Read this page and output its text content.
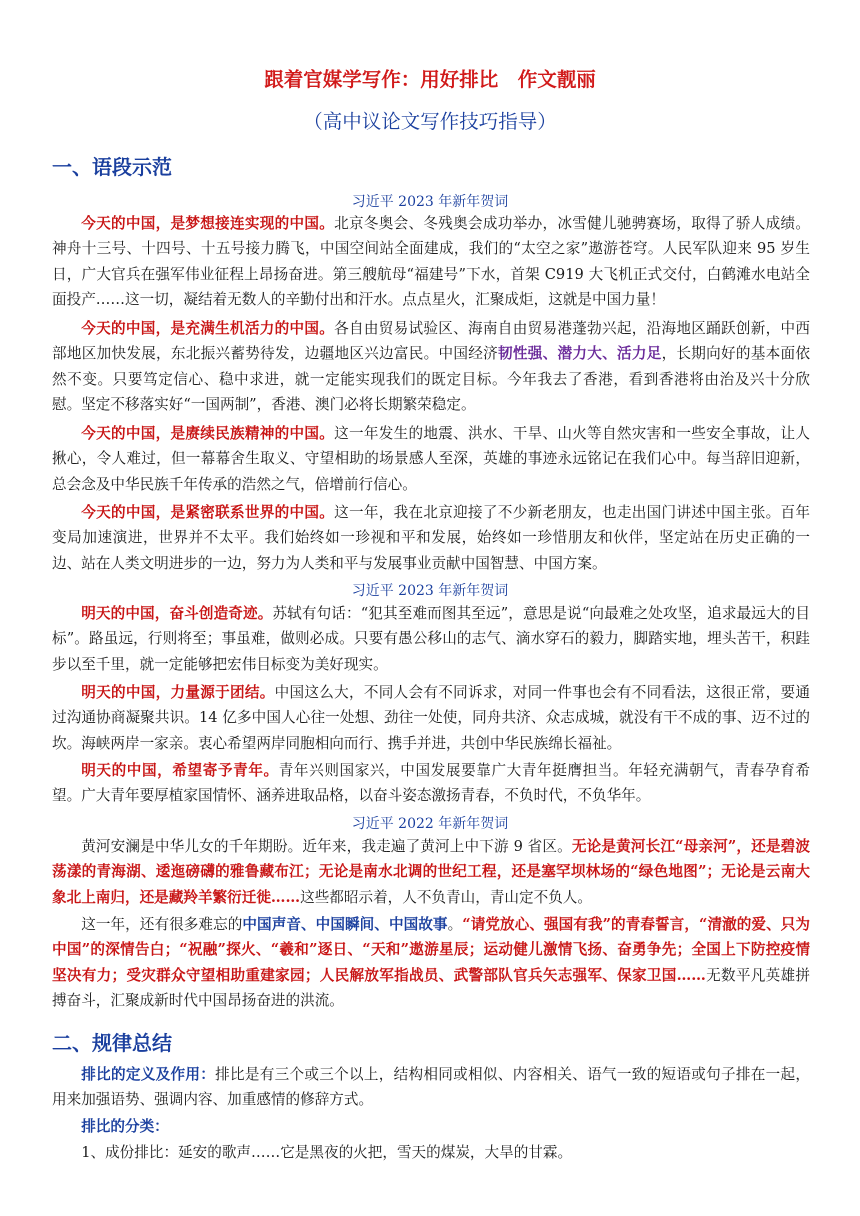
跟着官媒学写作：用好排比　作文靓丽
（高中议论文写作技巧指导）
一、语段示范
习近平 2023 年新年贺词

今天的中国，是梦想接连实现的中国。北京冬奥会、冬残奥会成功举办，冰雪健儿驰骋赛场，取得了骄人成绩。神舟十三号、十四号、十五号接力腾飞，中国空间站全面建成，我们的“太空之家”遨游苍穹。人民军队迎来 95 岁生日，广大官兵在强军伟业征程上昂扬奋进。第三艘航母“福建号”下水，首架 C919 大飞机正式交付，白鹤滩水电站全面投产……这一切，凝结着无数人的辛勤付出和汗水。点点星火，汇聚成炬，这就是中国力量！

今天的中国，是充满生机活力的中国。各自由贸易试验区、海南自由贸易港蓬勃兴起，沿海地区踊跃创新，中西部地区加快发展，东北振兴蓄势待发，边疆地区兴边富民。中国经济韧性强、潜力大、活力足，长期向好的基本面依然不变。只要笃定信心、稳中求进，就一定能实现我们的既定目标。今年我去了香港，看到香港将由治及兴十分欣慰。坚定不移落实好“一国两制”，香港、澳门必将长期繁荣稳定。

今天的中国，是赓续民族精神的中国。这一年发生的地震、洪水、干旱、山火等自然灾害和一些安全事故，让人揪心，令人难过，但一幕幕舍生取义、守望相助的场景感人至深，英雄的事迹永远铭记在我们心中。每当辞旧迎新，总会念及中华民族千年传承的浩然之气，倍增前行信心。

今天的中国，是紧密联系世界的中国。这一年，我在北京迎接了不少新老朋友，也走出国门讲述中国主张。百年变局加速演进，世界并不太平。我们始终如一珍视和平和发展，始终如一珍惜朋友和伙伴，坚定站在历史正确的一边、站在人类文明进步的一边，努力为人类和平与发展事业贡献中国智慧、中国方案。

习近平 2023 年新年贺词

明天的中国，奋斗创造奇迹。苏轼有句话：“犯其至难而图其至远”，意思是说“向最难之处攻坚，追求最远大的目标”。路虽远，行则将至；事虽难，做则必成。只要有愚公移山的志气、滴水穿石的毅力，脚踏实地，埋头苦干，积跬步以至千里，就一定能够把宏伟目标变为美好现实。

明天的中国，力量源于团结。中国这么大，不同人会有不同诉求，对同一件事也会有不同看法，这很正常，要通过沟通协商凝聚共识。14 亿多中国人心往一处想、劲往一处使，同舟共济、众志成城，就没有干不成的事、迈不过的坎。海峡两岸一家亲。衷心希望两岸同胞相向而行、携手并进，共创中华民族绵长福祉。

明天的中国，希望寄予青年。青年兴则国家兴，中国发展要靠广大青年挺膺担当。年轻充满朝气，青春孕育希望。广大青年要厚植家国情怀、涵养进取品格，以奋斗姿态激扬青春，不负时代，不负华年。

习近平 2022 年新年贺词

黄河安澜是中华儿女的千年期盼。近年来，我走遍了黄河上中下游 9 省区。无论是黄河长江“母亲河”，还是碧波荡漾的青海湖、逶迤磅礴的雅鲁藏布江；无论是南水北调的世纪工程，还是塞罕坝林场的“绿色地图”；无论是云南大象北上南归，还是藏羚羊繁衍迁徙……这些都昭示着，人不负青山，青山定不负人。

这一年，还有很多难忘的中国声音、中国瞬间、中国故事。“请党放心、强国有我”的青春誓言，“清澈的爱、只为中国”的深情告白；“祝融”探火、“羲和”逐日、“天和”遨游星辰；运动健儿激情飞扬、奋勇争先；全国上下防控疫情坚决有力；受灾群众守望相助重建家园；人民解放军指战员、武警部队官兵矢志强军、保家卫国……无数平凡英雄拼搏奋斗，汇聚成新时代中国昂扬奋进的洪流。

二、规律总结

排比的定义及作用：排比是有三个或三个以上，结构相同或相似、内容相关、语气一致的短语或句子排在一起，用来加强语势、强调内容、加重感情的修辞方式。

排比的分类：

1、成份排比：延安的歌声……它是黑夜的火把，雪天的煤炭，大旱的甘霖。
